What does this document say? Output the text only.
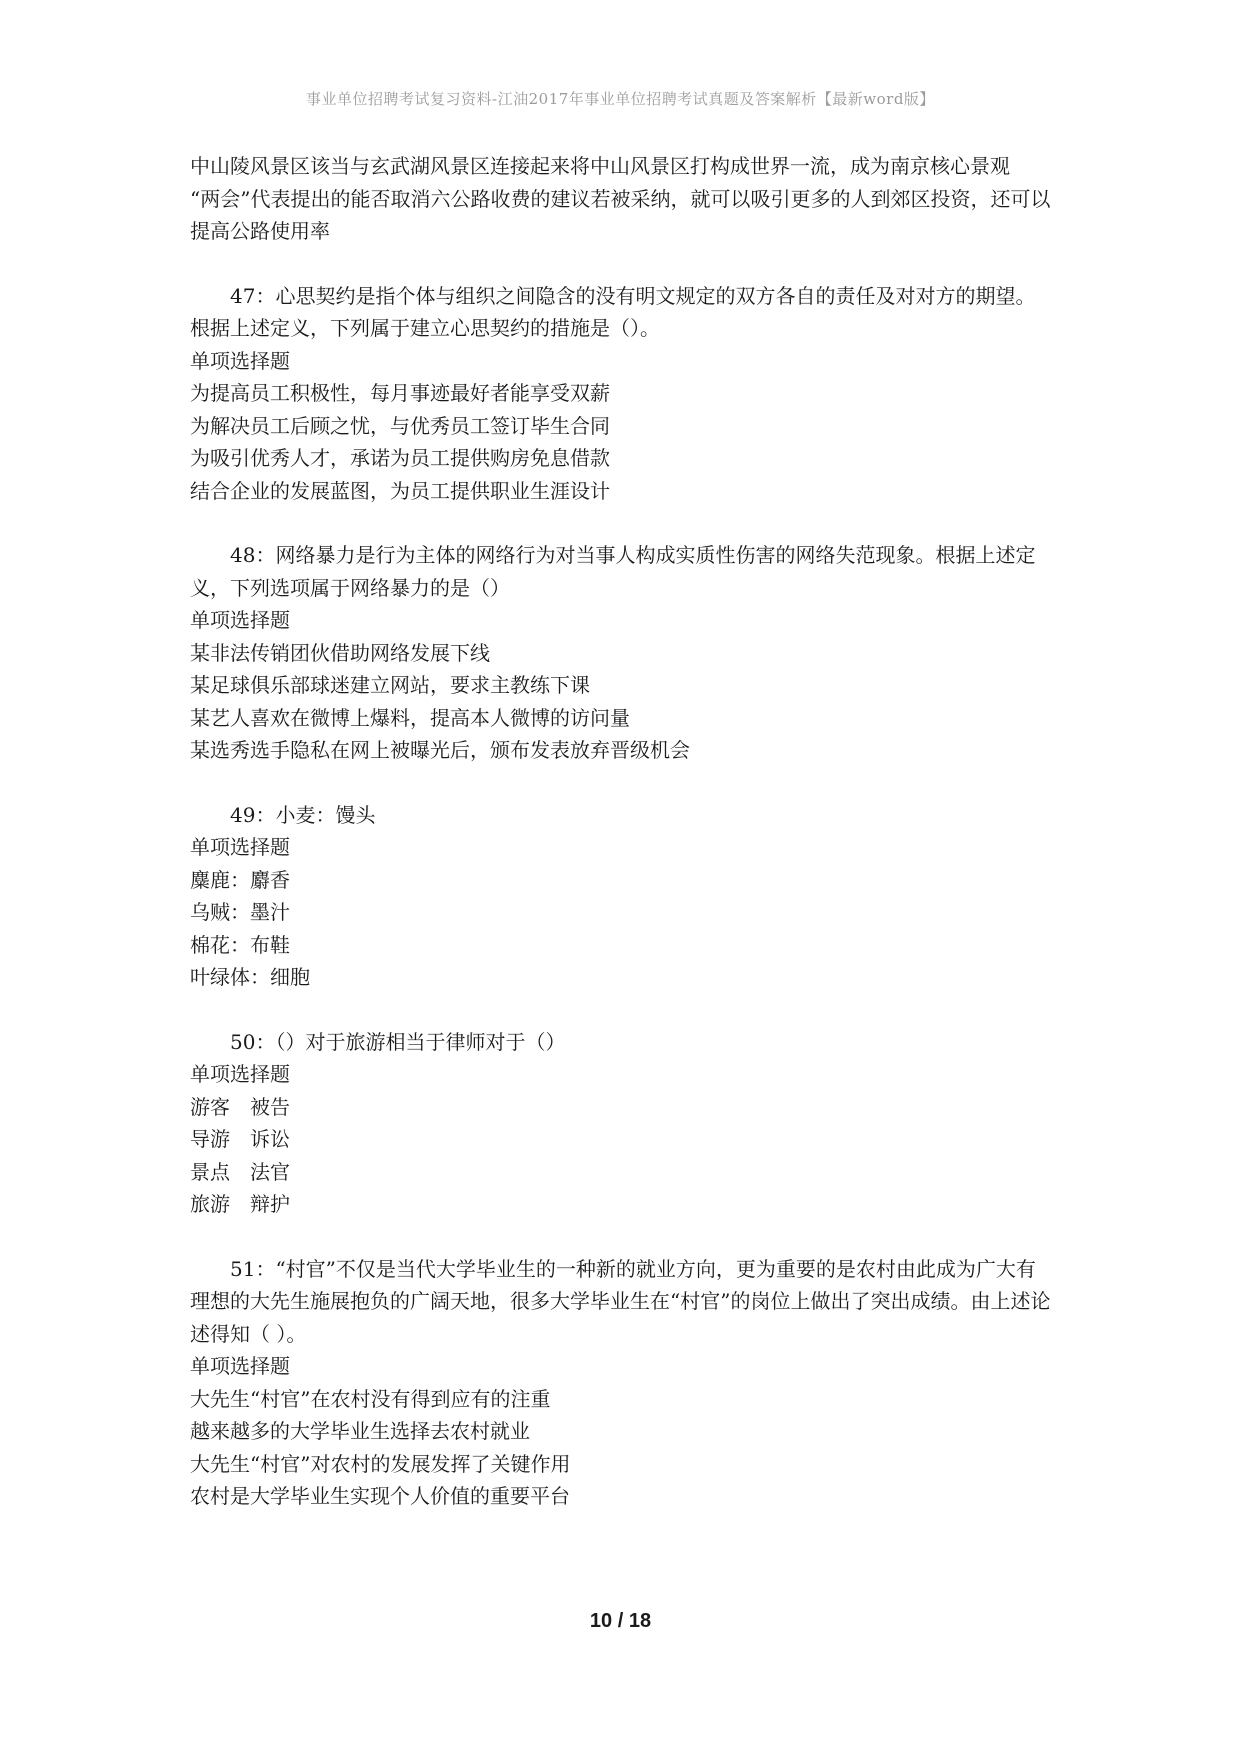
事业单位招聘考试复习资料-江油2017年事业单位招聘考试真题及答案解析【最新word版】

中山陵风景区该当与玄武湖风景区连接起来将中山风景区打构成世界一流，成为南京核心景观

“两会”代表提出的能否取消六公路收费的建议若被采纳，就可以吸引更多的人到郊区投资，还可以提高公路使用率

47：心思契约是指个体与组织之间隐含的没有明文规定的双方各自的责任及对对方的期望。根据上述定义，下列属于建立心思契约的措施是（）。

单项选择题

为提高员工积极性，每月事迹最好者能享受双薪

为解决员工后顾之忧，与优秀员工签订毕生合同

为吸引优秀人才，承诺为员工提供购房免息借款

结合企业的发展蓝图，为员工提供职业生涯设计

48：网络暴力是行为主体的网络行为对当事人构成实质性伤害的网络失范现象。根据上述定义，下列选项属于网络暴力的是（）

单项选择题

某非法传销团伙借助网络发展下线

某足球俱乐部球迷建立网站，要求主教练下课

某艺人喜欢在微博上爆料，提高本人微博的访问量

某选秀选手隐私在网上被曝光后，颁布发表放弃晋级机会

49：小麦：馒头

单项选择题

麋鹿：麝香

乌贼：墨汁

棉花：布鞋

叶绿体：细胞

50：（）对于旅游相当于律师对于（）

单项选择题

游客　被告

导游　诉讼

景点　法官

旅游　辩护

51：“村官”不仅是当代大学毕业生的一种新的就业方向，更为重要的是农村由此成为广大有理想的大先生施展抱负的广阔天地，很多大学毕业生在“村官”的岗位上做出了突出成绩。由上述论述得知（ ）。

单项选择题

大先生“村官”在农村没有得到应有的注重

越来越多的大学毕业生选择去农村就业

大先生“村官”对农村的发展发挥了关键作用

农村是大学毕业生实现个人价值的重要平台

10 / 18
